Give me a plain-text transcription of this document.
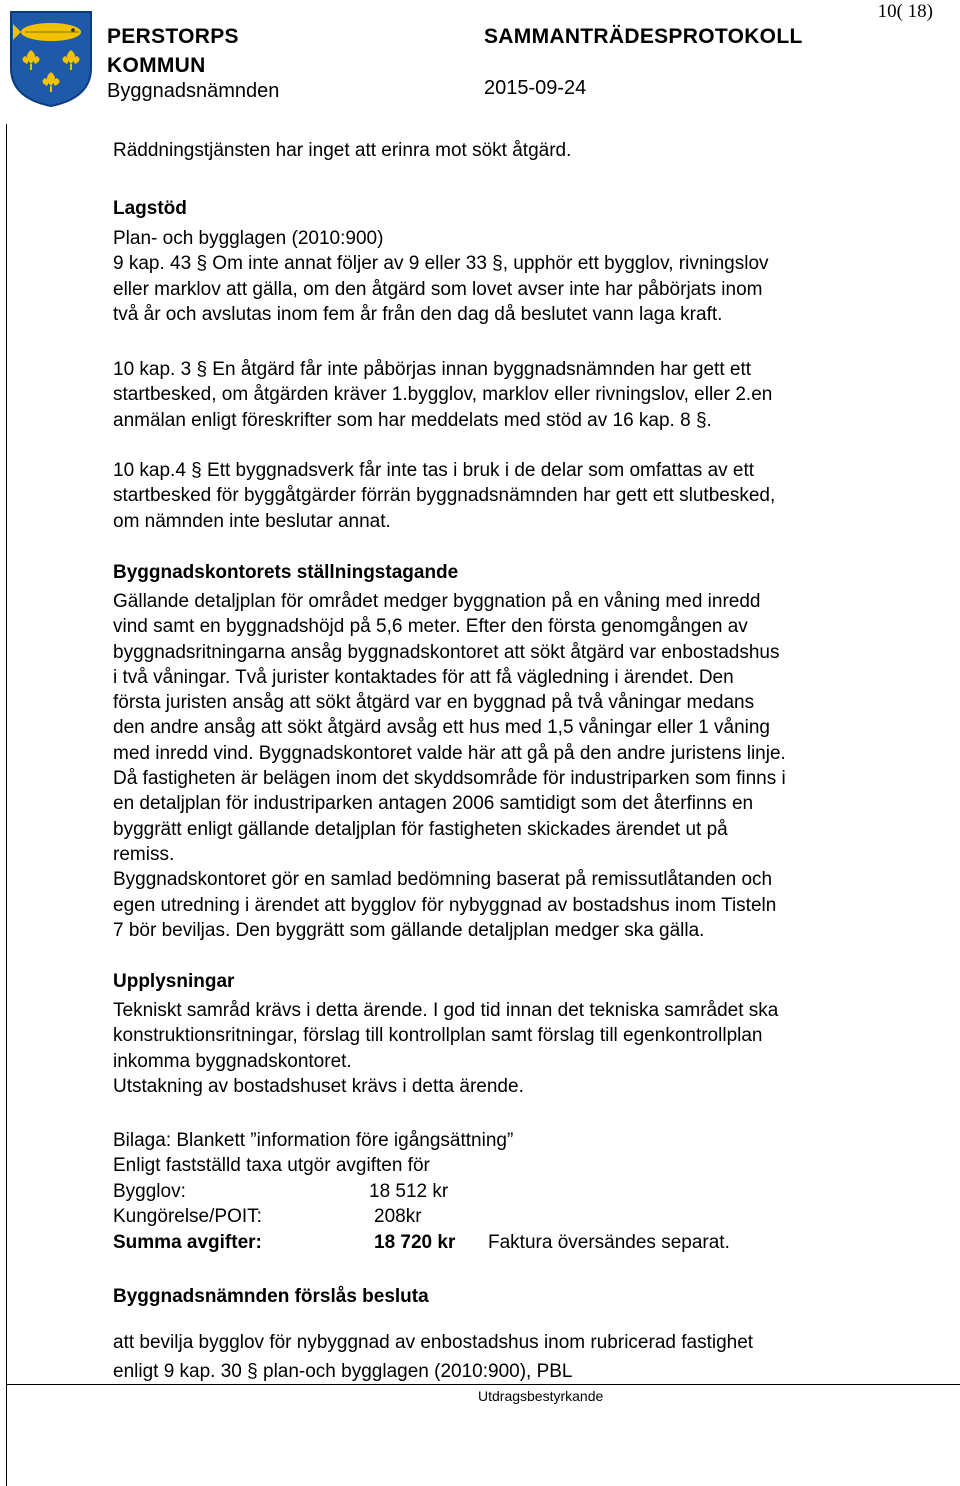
PERSTORPS
KOMMUN
Byggnadsnämnden
SAMMANTRÄDESPROTOKOLL
2015-09-24
10( 18)

Räddningstjänsten har inget att erinra mot sökt åtgärd.

Lagstöd

Plan- och bygglagen (2010:900)
9 kap. 43 § Om inte annat följer av 9 eller 33 §, upphör ett bygglov, rivningslov
eller marklov att gälla, om den åtgärd som lovet avser inte har påbörjats inom
två år och avslutas inom fem år från den dag då beslutet vann laga kraft.
10 kap. 3 § En åtgärd får inte påbörjas innan byggnadsnämnden har gett ett
startbesked, om åtgärden kräver 1.bygglov, marklov eller rivningslov, eller 2.en
anmälan enligt föreskrifter som har meddelats med stöd av 16 kap. 8 §.
10 kap.4 § Ett byggnadsverk får inte tas i bruk i de delar som omfattas av ett
startbesked för byggåtgärder förrän byggnadsnämnden har gett ett slutbesked,
om nämnden inte beslutar annat.

Byggnadskontorets ställningstagande

Gällande detaljplan för området medger byggnation på en våning med inredd
vind samt en byggnadshöjd på 5,6 meter. Efter den första genomgången av
byggnadsritningarna ansåg byggnadskontoret att sökt åtgärd var enbostadshus
i två våningar. Två jurister kontaktades för att få vägledning i ärendet. Den
första juristen ansåg att sökt åtgärd var en byggnad på två våningar medans
den andre ansåg att sökt åtgärd avsåg ett hus med 1,5 våningar eller 1 våning
med inredd vind. Byggnadskontoret valde här att gå på den andre juristens linje.
Då fastigheten är belägen inom det skyddsområde för industriparken som finns i
en detaljplan för industriparken antagen 2006 samtidigt som det återfinns en
byggrätt enligt gällande detaljplan för fastigheten skickades ärendet ut på
remiss.
Byggnadskontoret gör en samlad bedömning baserat på remissutlåtanden och
egen utredning i ärendet att bygglov för nybyggnad av bostadshus inom Tisteln
7 bör beviljas. Den byggrätt som gällande detaljplan medger ska gälla.

Upplysningar

Tekniskt samråd krävs i detta ärende. I god tid innan det tekniska samrådet ska
konstruktionsritningar, förslag till kontrollplan samt förslag till egenkontrollplan
inkomma byggnadskontoret.
Utstakning av bostadshuset krävs i detta ärende.
Bilaga: Blankett ”information före igångsättning”
Enligt fastställd taxa utgör avgiften för
Bygglov:	18 512 kr
Kungörelse/POIT:	208kr
Summa avgifter:	18 720 kr Faktura översändes separat.

Byggnadsnämnden förslås besluta

att bevilja bygglov för nybyggnad av enbostadshus inom rubricerad fastighet
enligt 9 kap. 30 § plan-och bygglagen (2010:900), PBL
Utdragsbestyrkande
